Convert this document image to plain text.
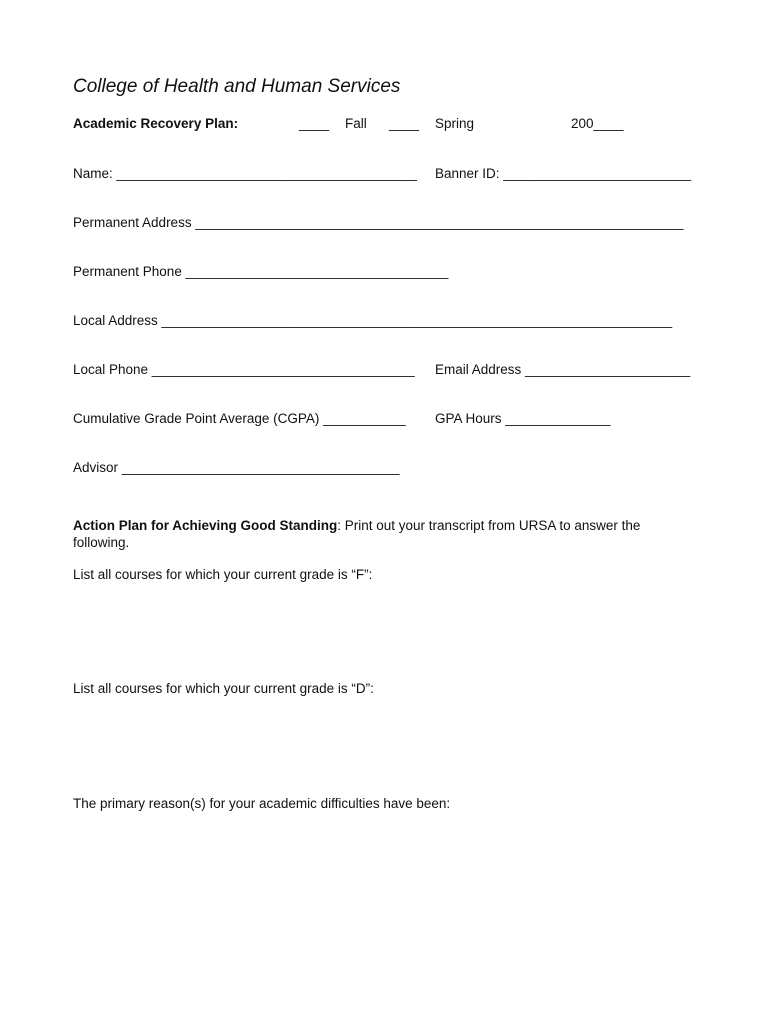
College of Health and Human Services
Academic Recovery Plan:	____ Fall ____ Spring	200____
Name: ________________________________________ Banner ID: _________________________
Permanent Address _________________________________________________________________
Permanent Phone ___________________________________
Local Address ____________________________________________________________________
Local Phone ___________________________________ Email Address ______________________
Cumulative Grade Point Average (CGPA) ___________ GPA Hours ______________
Advisor _____________________________________
Action Plan for Achieving Good Standing: Print out your transcript from URSA to answer the following.
List all courses for which your current grade is “F”:
List all courses for which your current grade is “D”:
The primary reason(s) for your academic difficulties have been:
